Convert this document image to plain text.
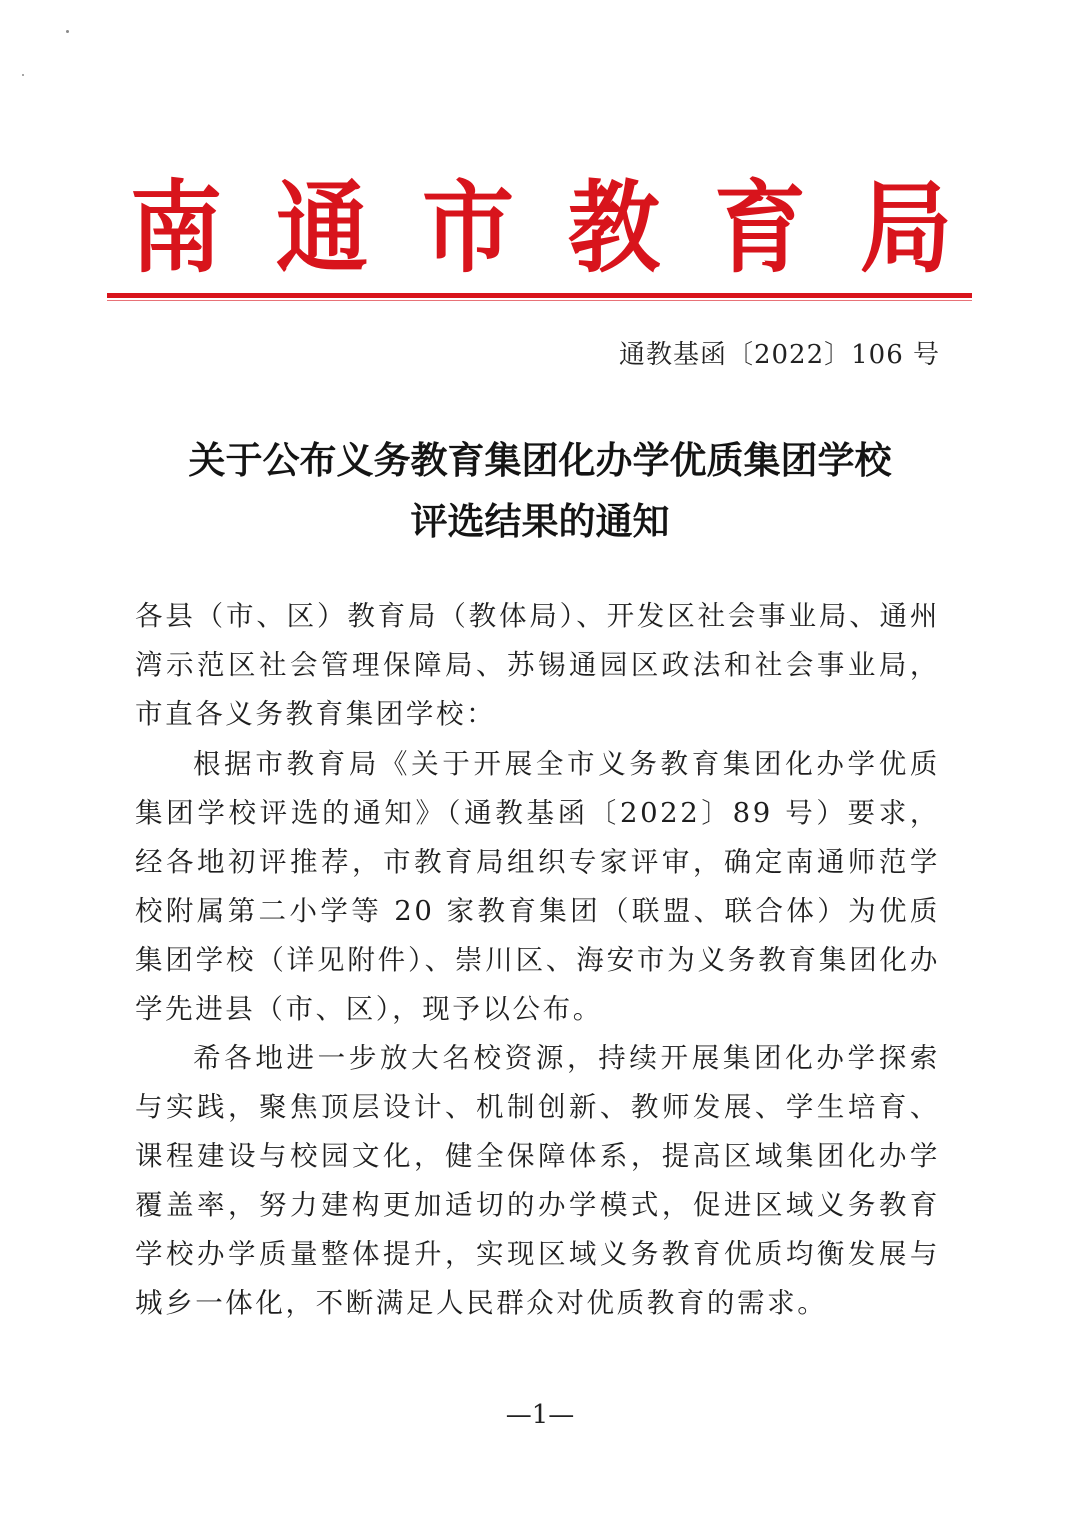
南 通 市 教 育 局
通教基函〔2022〕106 号
关于公布义务教育集团化办学优质集团学校
评选结果的通知
各县（市、区）教育局（教体局）、开发区社会事业局、通州湾示范区社会管理保障局、苏锡通园区政法和社会事业局，市直各义务教育集团学校：
根据市教育局《关于开展全市义务教育集团化办学优质集团学校评选的通知》（通教基函〔2022〕89 号）要求，经各地初评推荐，市教育局组织专家评审，确定南通师范学校附属第二小学等 20 家教育集团（联盟、联合体）为优质集团学校（详见附件）、崇川区、海安市为义务教育集团化办学先进县（市、区），现予以公布。
希各地进一步放大名校资源，持续开展集团化办学探索与实践，聚焦顶层设计、机制创新、教师发展、学生培育、课程建设与校园文化，健全保障体系，提高区域集团化办学覆盖率，努力建构更加适切的办学模式，促进区域义务教育学校办学质量整体提升，实现区域义务教育优质均衡发展与城乡一体化，不断满足人民群众对优质教育的需求。
—1—
